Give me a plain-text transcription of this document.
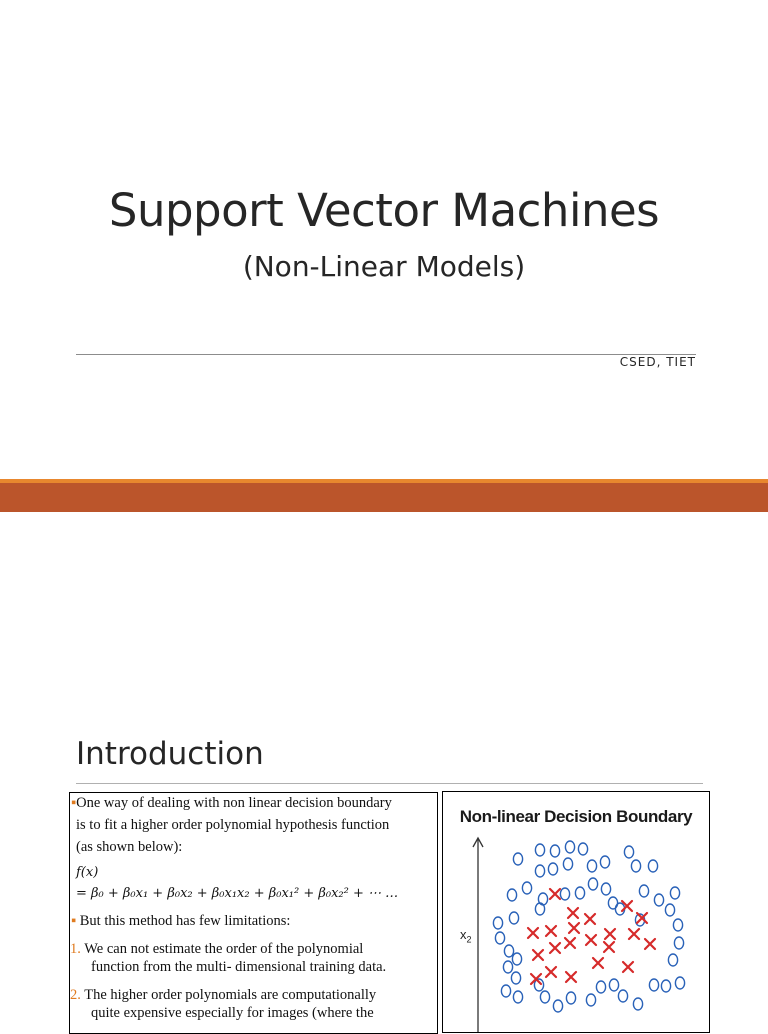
Support Vector Machines
(Non-Linear Models)
CSED, TIET
Introduction
▪One way of dealing with non linear decision boundary
is to fit a higher order polynomial hypothesis function
(as shown below):
f(x)
= β₀ + β₀x₁ + β₀x₂ + β₀x₁x₂ + β₀x₁² + β₀x₂² + ⋯ …
▪ But this method has few limitations:
1. We can not estimate the order of the polynomial
function from the multi- dimensional training data.
2. The higher order polynomials are computationally
quite expensive especially for images (where the
Non-linear Decision Boundary
$x_2$
